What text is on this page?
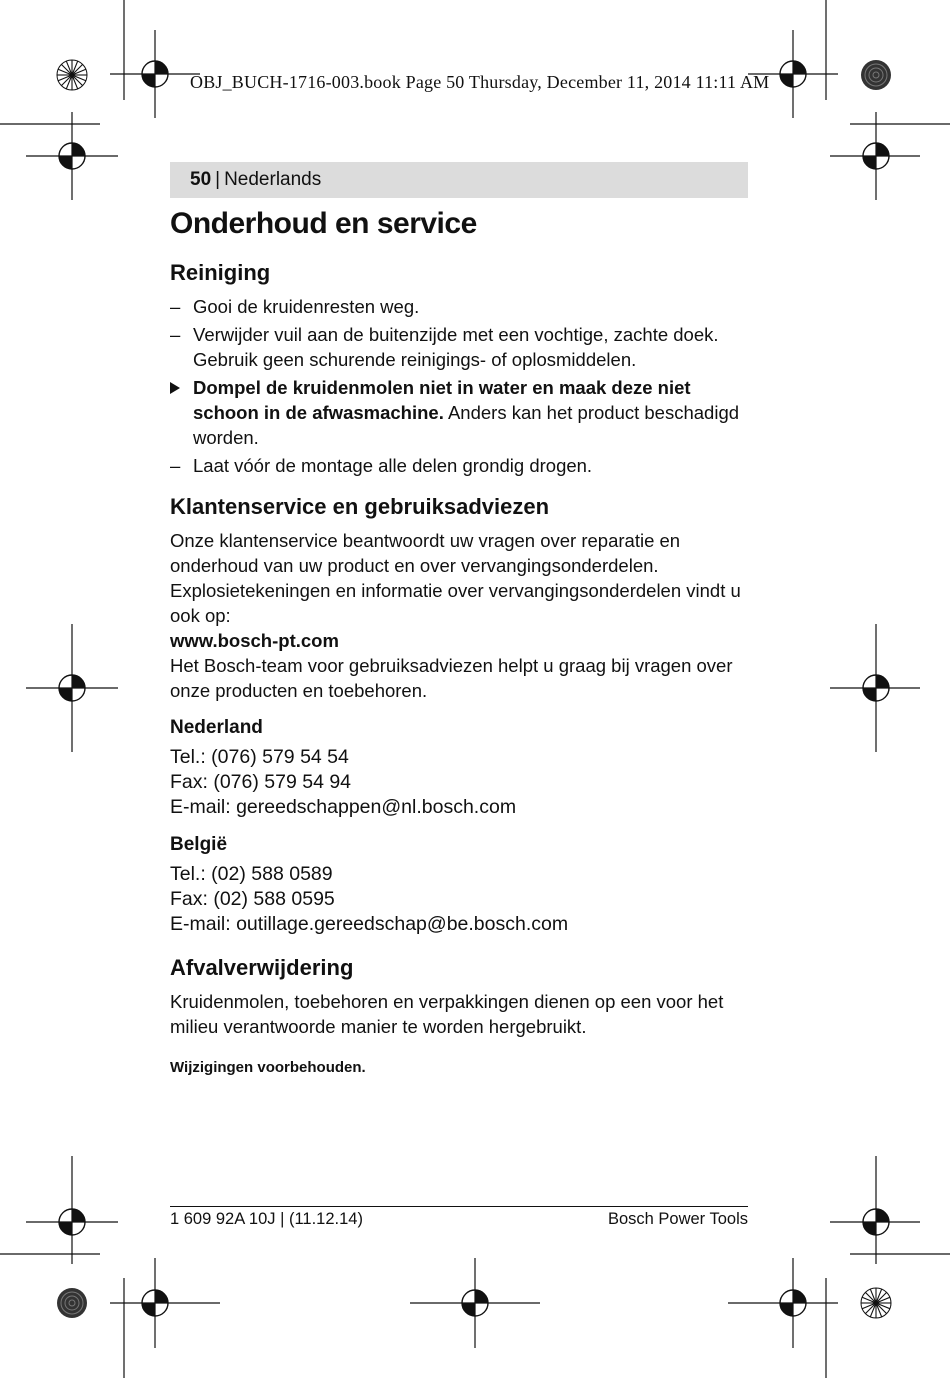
OBJ_BUCH-1716-003.book Page 50 Thursday, December 11, 2014 11:11 AM
50 | Nederlands
Onderhoud en service
Reiniging
– Gooi de kruidenresten weg.
– Verwijder vuil aan de buitenzijde met een vochtige, zachte doek. Gebruik geen schurende reinigings- of oplosmiddelen.
Dompel de kruidenmolen niet in water en maak deze niet schoon in de afwasmachine. Anders kan het product beschadigd worden.
– Laat vóór de montage alle delen grondig drogen.
Klantenservice en gebruiksadviezen

Onze klantenservice beantwoordt uw vragen over reparatie en onderhoud van uw product en over vervangingsonderdelen. Explosietekeningen en informatie over vervangingsonderdelen vindt u ook op:

www.bosch-pt.com

Het Bosch-team voor gebruiksadviezen helpt u graag bij vragen over onze producten en toebehoren.

Nederland

Tel.: (076) 579 54 54

Fax: (076) 579 54 94

E-mail: gereedschappen@nl.bosch.com

België

Tel.: (02) 588 0589

Fax: (02) 588 0595

E-mail: outillage.gereedschap@be.bosch.com

Afvalverwijdering

Kruidenmolen, toebehoren en verpakkingen dienen op een voor het milieu verantwoorde manier te worden hergebruikt.

Wijzigingen voorbehouden.

1 609 92A 10J | (11.12.14)	Bosch Power Tools
